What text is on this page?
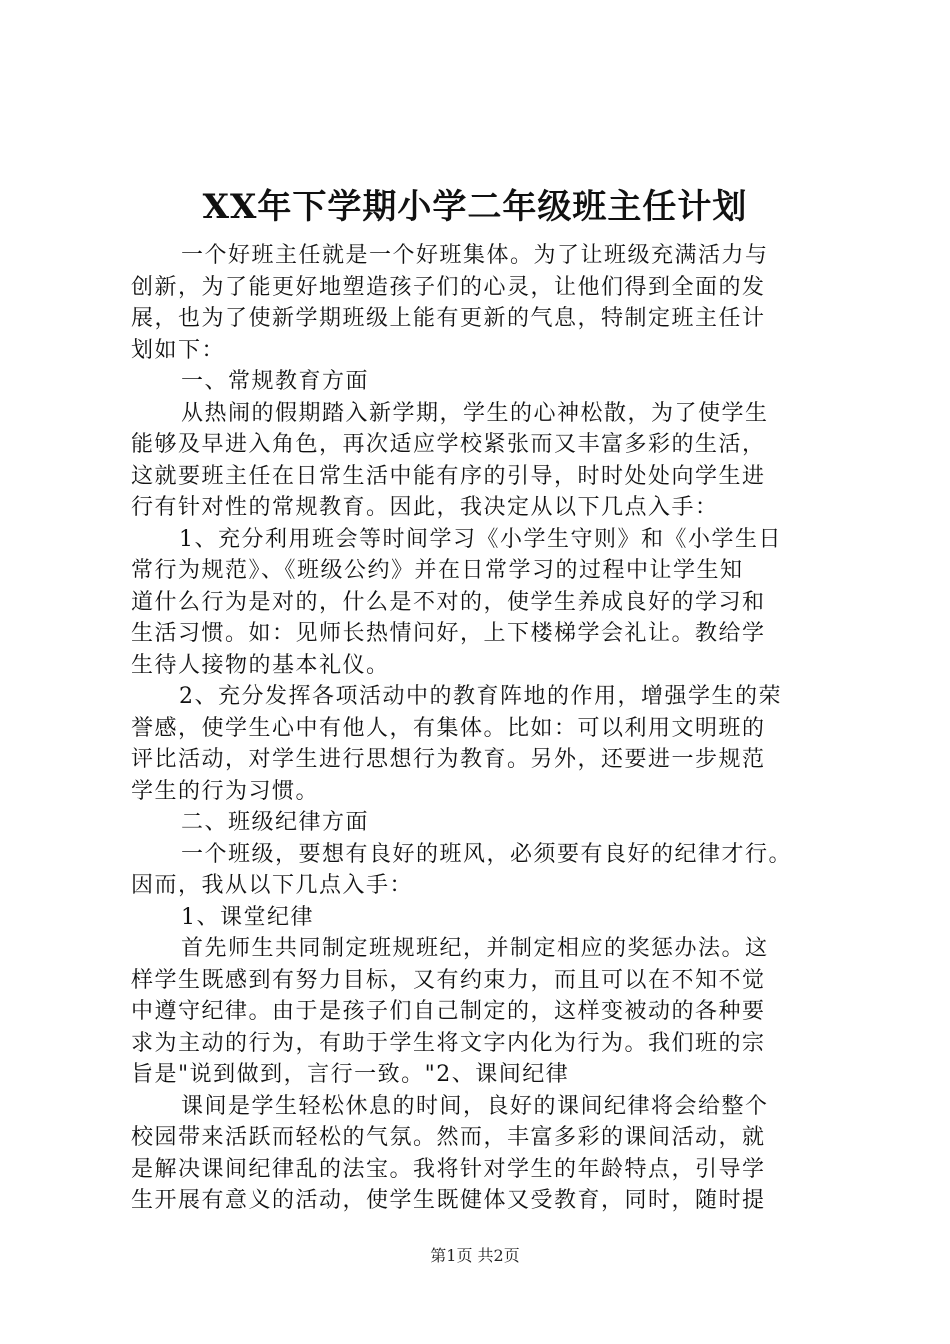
XX年下学期小学二年级班主任计划
一个好班主任就是一个好班集体。为了让班级充满活力与
创新，为了能更好地塑造孩子们的心灵，让他们得到全面的发
展，也为了使新学期班级上能有更新的气息，特制定班主任计
划如下：
一、常规教育方面
从热闹的假期踏入新学期，学生的心神松散，为了使学生
能够及早进入角色，再次适应学校紧张而又丰富多彩的生活，
这就要班主任在日常生活中能有序的引导，时时处处向学生进
行有针对性的常规教育。因此，我决定从以下几点入手：
1、充分利用班会等时间学习《小学生守则》和《小学生日
常行为规范》、《班级公约》并在日常学习的过程中让学生知
道什么行为是对的，什么是不对的，使学生养成良好的学习和
生活习惯。如：见师长热情问好，上下楼梯学会礼让。教给学
生待人接物的基本礼仪。
2、充分发挥各项活动中的教育阵地的作用，增强学生的荣
誉感，使学生心中有他人，有集体。比如：可以利用文明班的
评比活动，对学生进行思想行为教育。另外，还要进一步规范
学生的行为习惯。
二、班级纪律方面
一个班级，要想有良好的班风，必须要有良好的纪律才行。
因而，我从以下几点入手：
1、课堂纪律
首先师生共同制定班规班纪，并制定相应的奖惩办法。这
样学生既感到有努力目标，又有约束力，而且可以在不知不觉
中遵守纪律。由于是孩子们自己制定的，这样变被动的各种要
求为主动的行为，有助于学生将文字内化为行为。我们班的宗
旨是"说到做到，言行一致。"2、课间纪律
课间是学生轻松休息的时间，良好的课间纪律将会给整个
校园带来活跃而轻松的气氛。然而，丰富多彩的课间活动，就
是解决课间纪律乱的法宝。我将针对学生的年龄特点，引导学
生开展有意义的活动，使学生既健体又受教育，同时，随时提
第1页 共2页
